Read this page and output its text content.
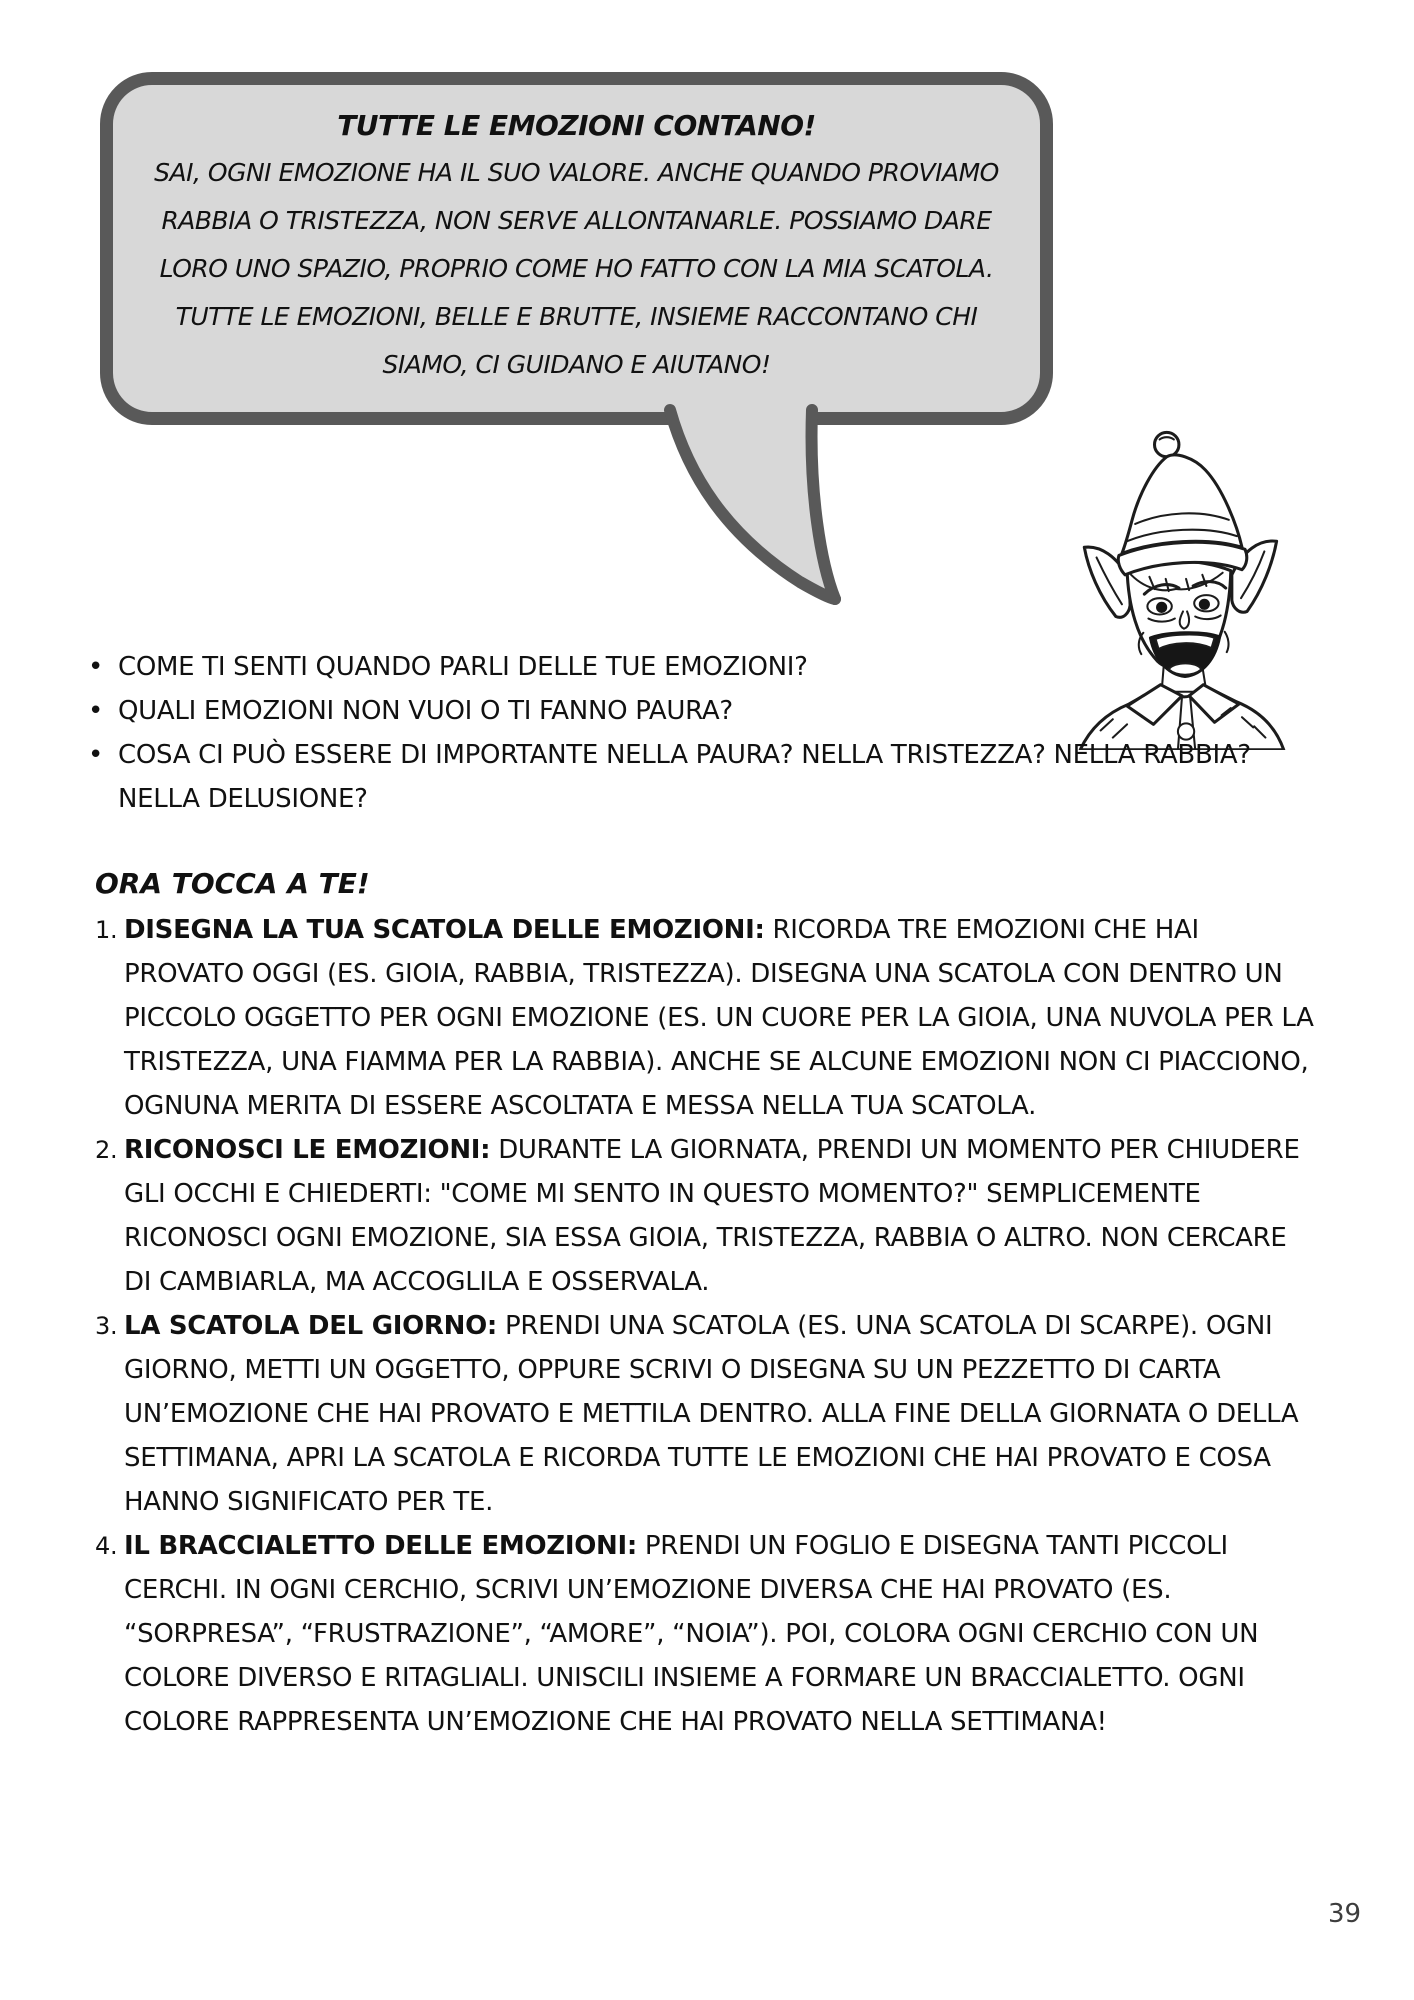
TUTTE LE EMOZIONI CONTANO!
SAI, OGNI EMOZIONE HA IL SUO VALORE. ANCHE QUANDO PROVIAMO RABBIA O TRISTEZZA, NON SERVE ALLONTANARLE. POSSIAMO DARE LORO UNO SPAZIO, PROPRIO COME HO FATTO CON LA MIA SCATOLA. TUTTE LE EMOZIONI, BELLE E BRUTTE, INSIEME RACCONTANO CHI SIAMO, CI GUIDANO E AIUTANO!
• COME TI SENTI QUANDO PARLI DELLE TUE EMOZIONI?
• QUALI EMOZIONI NON VUOI O TI FANNO PAURA?
• COSA CI PUÒ ESSERE DI IMPORTANTE NELLA PAURA? NELLA TRISTEZZA? NELLA RABBIA? NELLA DELUSIONE?
ORA TOCCA A TE!
1. DISEGNA LA TUA SCATOLA DELLE EMOZIONI: RICORDA TRE EMOZIONI CHE HAI PROVATO OGGI (ES. GIOIA, RABBIA, TRISTEZZA). DISEGNA UNA SCATOLA CON DENTRO UN PICCOLO OGGETTO PER OGNI EMOZIONE (ES. UN CUORE PER LA GIOIA, UNA NUVOLA PER LA TRISTEZZA, UNA FIAMMA PER LA RABBIA). ANCHE SE ALCUNE EMOZIONI NON CI PIACCIONO, OGNUNA MERITA DI ESSERE ASCOLTATA E MESSA NELLA TUA SCATOLA.
2. RICONOSCI LE EMOZIONI: DURANTE LA GIORNATA, PRENDI UN MOMENTO PER CHIUDERE GLI OCCHI E CHIEDERTI: "COME MI SENTO IN QUESTO MOMENTO?" SEMPLICEMENTE RICONOSCI OGNI EMOZIONE, SIA ESSA GIOIA, TRISTEZZA, RABBIA O ALTRO. NON CERCARE DI CAMBIARLA, MA ACCOGLILA E OSSERVALA.
3. LA SCATOLA DEL GIORNO: PRENDI UNA SCATOLA (ES. UNA SCATOLA DI SCARPE). OGNI GIORNO, METTI UN OGGETTO, OPPURE SCRIVI O DISEGNA SU UN PEZZETTO DI CARTA UN’EMOZIONE CHE HAI PROVATO E METTILA DENTRO. ALLA FINE DELLA GIORNATA O DELLA SETTIMANA, APRI LA SCATOLA E RICORDA TUTTE LE EMOZIONI CHE HAI PROVATO E COSA HANNO SIGNIFICATO PER TE.
4. IL BRACCIALETTO DELLE EMOZIONI: PRENDI UN FOGLIO E DISEGNA TANTI PICCOLI CERCHI. IN OGNI CERCHIO, SCRIVI UN’EMOZIONE DIVERSA CHE HAI PROVATO (ES. “SORPRESA”, “FRUSTRAZIONE”, “AMORE”, “NOIA”). POI, COLORA OGNI CERCHIO CON UN COLORE DIVERSO E RITAGLIALI. UNISCILI INSIEME A FORMARE UN BRACCIALETTO. OGNI COLORE RAPPRESENTA UN’EMOZIONE CHE HAI PROVATO NELLA SETTIMANA!
39
